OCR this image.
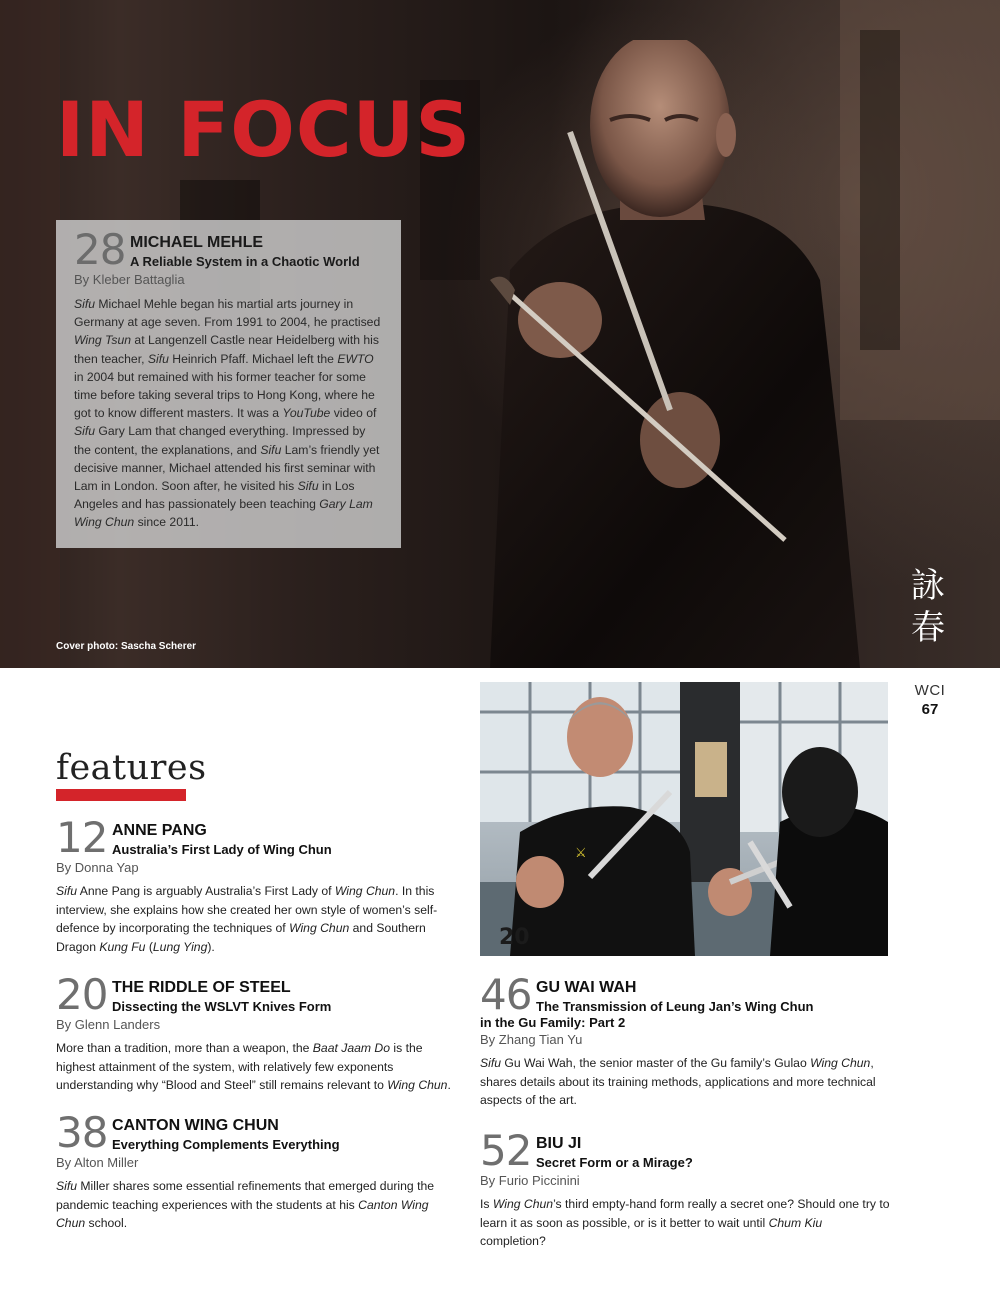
IN FOCUS
28 MICHAEL MEHLE
A Reliable System in a Chaotic World
By Kleber Battaglia
Sifu Michael Mehle began his martial arts journey in Germany at age seven. From 1991 to 2004, he practised Wing Tsun at Langenzell Castle near Heidelberg with his then teacher, Sifu Heinrich Pfaff. Michael left the EWTO in 2004 but remained with his former teacher for some time before taking several trips to Hong Kong, where he got to know different masters. It was a YouTube video of Sifu Gary Lam that changed everything. Impressed by the content, the explanations, and Sifu Lam’s friendly yet decisive manner, Michael attended his first seminar with Lam in London. Soon after, he visited his Sifu in Los Angeles and has passionately been teaching Gary Lam Wing Chun since 2011.
Cover photo: Sascha Scherer
詠
春
WCI
67
features
⚔
20
12 ANNE PANG
Australia’s First Lady of Wing Chun
By Donna Yap
Sifu Anne Pang is arguably Australia’s First Lady of Wing Chun. In this interview, she explains how she created her own style of women’s self-defence by incorporating the techniques of Wing Chun and Southern Dragon Kung Fu (Lung Ying).
20 THE RIDDLE OF STEEL
Dissecting the WSLVT Knives Form
By Glenn Landers
More than a tradition, more than a weapon, the Baat Jaam Do is the highest attainment of the system, with relatively few exponents understanding why “Blood and Steel” still remains relevant to Wing Chun.
38 CANTON WING CHUN
Everything Complements Everything
By Alton Miller
Sifu Miller shares some essential refinements that emerged during the pandemic teaching experiences with the students at his Canton Wing Chun school.
46 GU WAI WAH
The Transmission of Leung Jan’s Wing Chun
in the Gu Family: Part 2
By Zhang Tian Yu
Sifu Gu Wai Wah, the senior master of the Gu family’s Gulao Wing Chun, shares details about its training methods, applications and more technical aspects of the art.
52 BIU JI
Secret Form or a Mirage?
By Furio Piccinini
Is Wing Chun’s third empty-hand form really a secret one? Should one try to learn it as soon as possible, or is it better to wait until Chum Kiu completion?
